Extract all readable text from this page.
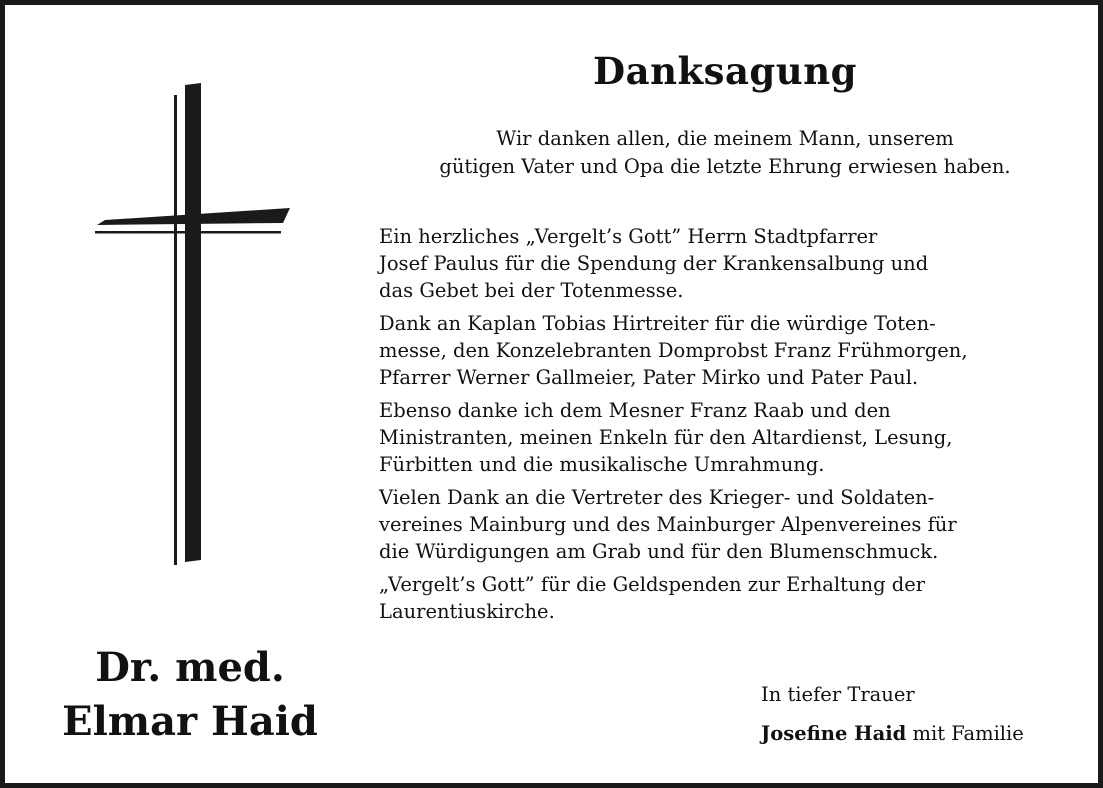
Danksagung
Wir danken allen, die meinem Mann, unserem
gütigen Vater und Opa die letzte Ehrung erwiesen haben.
Ein herzliches „Vergelt’s Gott” Herrn Stadtpfarrer
Josef Paulus für die Spendung der Krankensalbung und
das Gebet bei der Totenmesse.
Dank an Kaplan Tobias Hirtreiter für die würdige Toten-
messe, den Konzelebranten Domprobst Franz Frühmorgen,
Pfarrer Werner Gallmeier, Pater Mirko und Pater Paul.
Ebenso danke ich dem Mesner Franz Raab und den
Ministranten, meinen Enkeln für den Altardienst, Lesung,
Fürbitten und die musikalische Umrahmung.
Vielen Dank an die Vertreter des Krieger- und Soldaten-
vereines Mainburg und des Mainburger Alpenvereines für
die Würdigungen am Grab und für den Blumenschmuck.
„Vergelt’s Gott” für die Geldspenden zur Erhaltung der
Laurentiuskirche.
In tiefer Trauer
Josefine Haid mit Familie
Dr. med.
Elmar Haid
